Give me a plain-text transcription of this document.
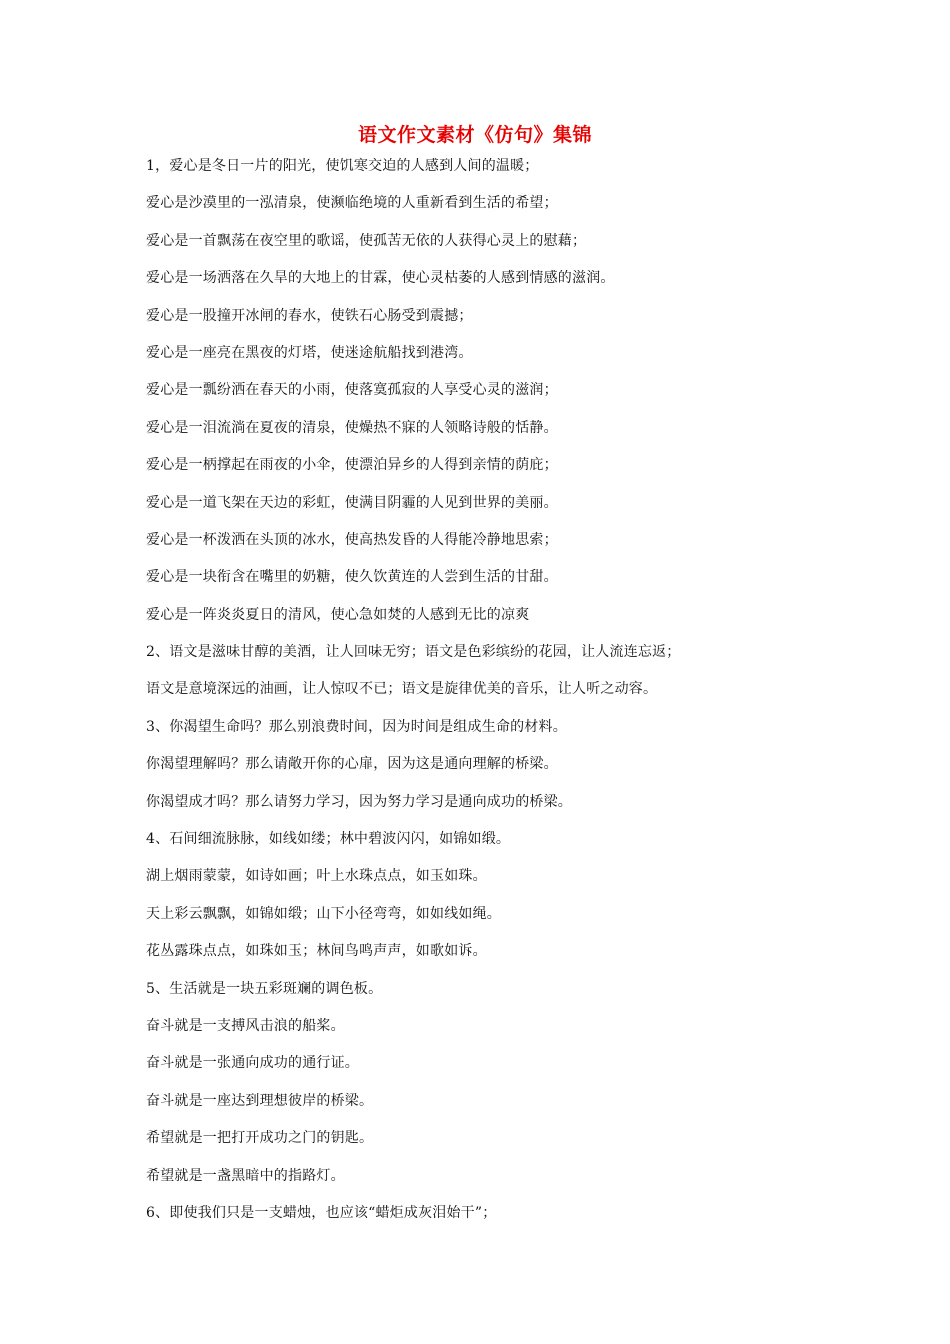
语文作文素材《仿句》集锦
1，爱心是冬日一片的阳光，使饥寒交迫的人感到人间的温暖；
爱心是沙漠里的一泓清泉，使濒临绝境的人重新看到生活的希望；
爱心是一首飘荡在夜空里的歌谣，使孤苦无依的人获得心灵上的慰藉；
爱心是一场洒落在久旱的大地上的甘霖，使心灵枯萎的人感到情感的滋润。
爱心是一股撞开冰闸的春水，使铁石心肠受到震撼；
爱心是一座亮在黑夜的灯塔，使迷途航船找到港湾。
爱心是一瓢纷洒在春天的小雨，使落寞孤寂的人享受心灵的滋润；
爱心是一泪流淌在夏夜的清泉，使燥热不寐的人领略诗般的恬静。
爱心是一柄撑起在雨夜的小伞，使漂泊异乡的人得到亲情的荫庇；
爱心是一道飞架在天边的彩虹，使满目阴霾的人见到世界的美丽。
爱心是一杯泼洒在头顶的冰水，使高热发昏的人得能冷静地思索；
爱心是一块衔含在嘴里的奶糖，使久饮黄连的人尝到生活的甘甜。
爱心是一阵炎炎夏日的清风，使心急如焚的人感到无比的凉爽
2、语文是滋味甘醇的美酒，让人回味无穷；语文是色彩缤纷的花园，让人流连忘返；
语文是意境深远的油画，让人惊叹不已；语文是旋律优美的音乐，让人听之动容。
3、你渴望生命吗？那么别浪费时间，因为时间是组成生命的材料。
你渴望理解吗？那么请敞开你的心扉，因为这是通向理解的桥梁。
你渴望成才吗？那么请努力学习，因为努力学习是通向成功的桥梁。
4、石间细流脉脉，如线如缕；林中碧波闪闪，如锦如缎。
湖上烟雨蒙蒙，如诗如画；叶上水珠点点，如玉如珠。
天上彩云飘飘，如锦如缎；山下小径弯弯，如如线如绳。
花丛露珠点点，如珠如玉；林间鸟鸣声声，如歌如诉。
5、生活就是一块五彩斑斓的调色板。
奋斗就是一支搏风击浪的船桨。
奋斗就是一张通向成功的通行证。
奋斗就是一座达到理想彼岸的桥梁。
希望就是一把打开成功之门的钥匙。
希望就是一盏黑暗中的指路灯。
6、即使我们只是一支蜡烛，也应该“蜡炬成灰泪始干”；
